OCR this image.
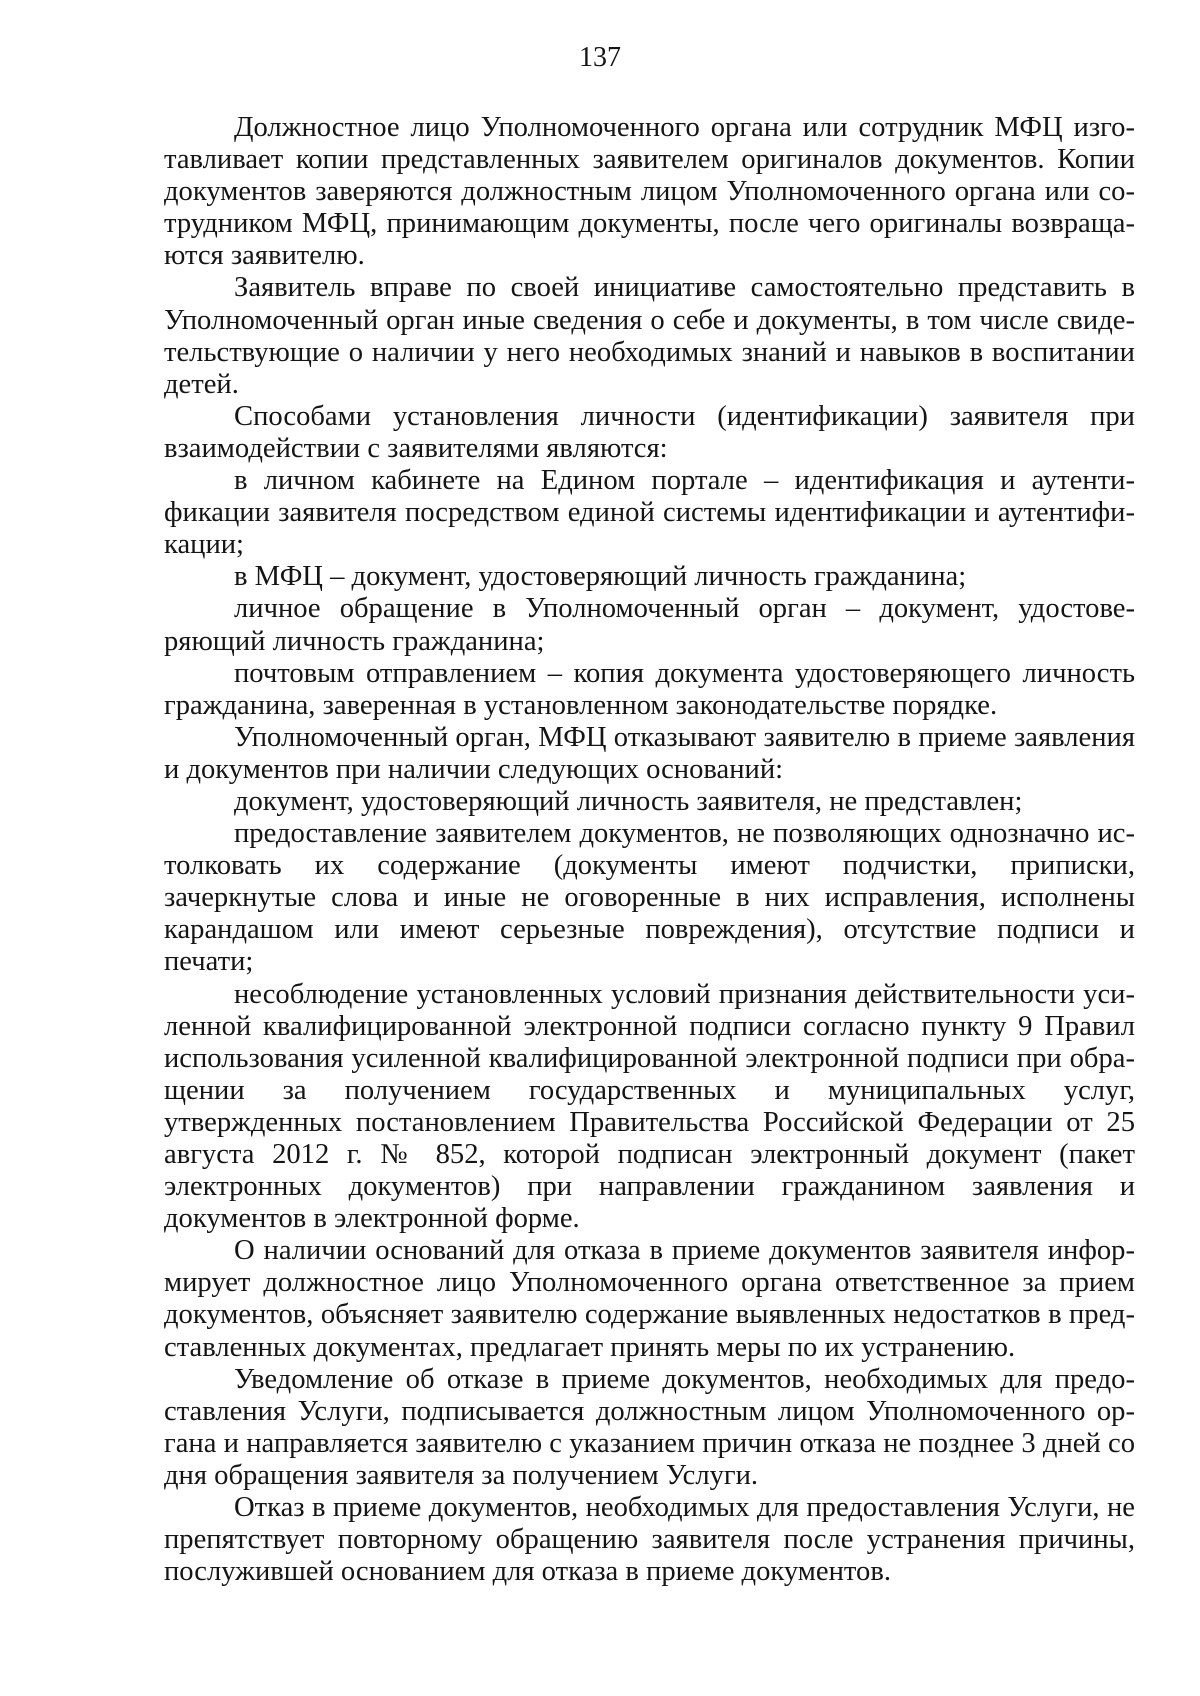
137

Должностное лицо Уполномоченного органа или сотрудник МФЦ изготавливает копии представленных заявителем оригиналов документов. Копии документов заверяются должностным лицом Уполномоченного органа или сотрудником МФЦ, принимающим документы, после чего оригиналы возвращаются заявителю.

Заявитель вправе по своей инициативе самостоятельно представить в Уполномоченный орган иные сведения о себе и документы, в том числе свидетельствующие о наличии у него необходимых знаний и навыков в воспитании детей.

Способами установления личности (идентификации) заявителя при взаимодействии с заявителями являются:

в личном кабинете на Едином портале – идентификация и аутентификации заявителя посредством единой системы идентификации и аутентификации;

в МФЦ – документ, удостоверяющий личность гражданина;

личное обращение в Уполномоченный орган – документ, удостоверяющий личность гражданина;

почтовым отправлением – копия документа удостоверяющего личность гражданина, заверенная в установленном законодательстве порядке.

Уполномоченный орган, МФЦ отказывают заявителю в приеме заявления и документов при наличии следующих оснований:

документ, удостоверяющий личность заявителя, не представлен;

предоставление заявителем документов, не позволяющих однозначно истолковать их содержание (документы имеют подчистки, приписки, зачеркнутые слова и иные не оговоренные в них исправления, исполнены карандашом или имеют серьезные повреждения), отсутствие подписи и печати;

несоблюдение установленных условий признания действительности усиленной квалифицированной электронной подписи согласно пункту 9 Правил использования усиленной квалифицированной электронной подписи при обращении за получением государственных и муниципальных услуг, утвержденных постановлением Правительства Российской Федерации от 25 августа 2012 г. № 852, которой подписан электронный документ (пакет электронных документов) при направлении гражданином заявления и документов в электронной форме.

О наличии оснований для отказа в приеме документов заявителя информирует должностное лицо Уполномоченного органа ответственное за прием документов, объясняет заявителю содержание выявленных недостатков в представленных документах, предлагает принять меры по их устранению.

Уведомление об отказе в приеме документов, необходимых для предоставления Услуги, подписывается должностным лицом Уполномоченного органа и направляется заявителю с указанием причин отказа не позднее 3 дней со дня обращения заявителя за получением Услуги.

Отказ в приеме документов, необходимых для предоставления Услуги, не препятствует повторному обращению заявителя после устранения причины, послужившей основанием для отказа в приеме документов.
